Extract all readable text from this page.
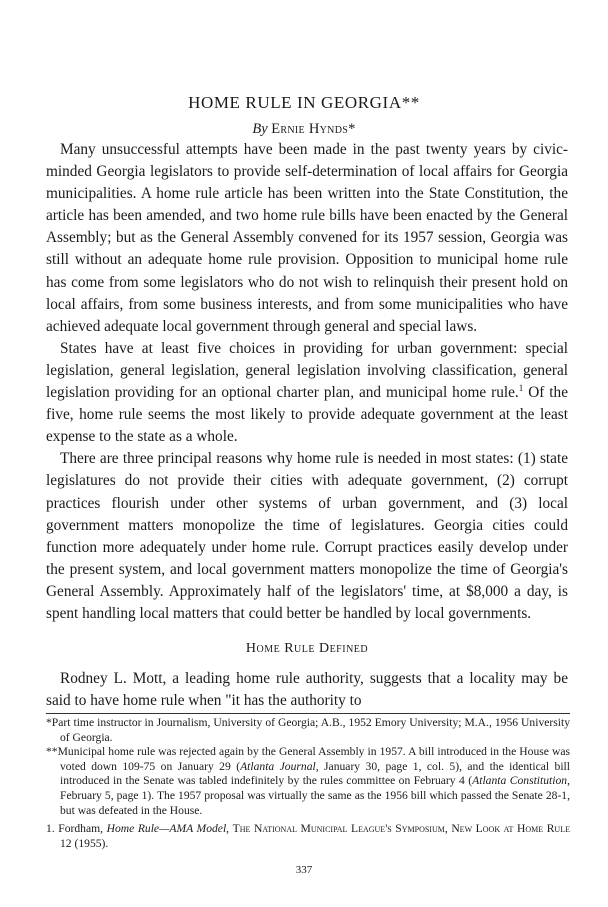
HOME RULE IN GEORGIA**
By Ernie Hynds*

Many unsuccessful attempts have been made in the past twenty years by civic-minded Georgia legislators to provide self-determination of local affairs for Georgia municipalities. A home rule article has been written into the State Constitution, the article has been amended, and two home rule bills have been enacted by the General Assembly; but as the General Assembly convened for its 1957 session, Georgia was still without an adequate home rule provision. Opposition to municipal home rule has come from some legislators who do not wish to relinquish their present hold on local affairs, from some business interests, and from some municipalities who have achieved adequate local government through general and special laws.

States have at least five choices in providing for urban government: special legislation, general legislation, general legislation involving classification, general legislation providing for an optional charter plan, and municipal home rule.$^1$ Of the five, home rule seems the most likely to provide adequate government at the least expense to the state as a whole.

There are three principal reasons why home rule is needed in most states: (1) state legislatures do not provide their cities with adequate government, (2) corrupt practices flourish under other systems of urban government, and (3) local government matters monopolize the time of legislatures. Georgia cities could function more adequately under home rule. Corrupt practices easily develop under the present system, and local government matters monopolize the time of Georgia's General Assembly. Approximately half of the legislators' time, at $8,000 a day, is spent handling local matters that could better be handled by local governments.

Home Rule Defined

Rodney L. Mott, a leading home rule authority, suggests that a locality may be said to have home rule when "it has the authority to

*Part time instructor in Journalism, University of Georgia; A.B., 1952 Emory University; M.A., 1956 University of Georgia.

**Municipal home rule was rejected again by the General Assembly in 1957. A bill introduced in the House was voted down 109-75 on January 29 (Atlanta Journal, January 30, page 1, col. 5), and the identical bill introduced in the Senate was tabled indefinitely by the rules committee on February 4 (Atlanta Constitution, February 5, page 1). The 1957 proposal was virtually the same as the 1956 bill which passed the Senate 28-1, but was defeated in the House.

1. Fordham, Home Rule—AMA Model, The National Municipal League's Symposium, New Look at Home Rule 12 (1955).

337
